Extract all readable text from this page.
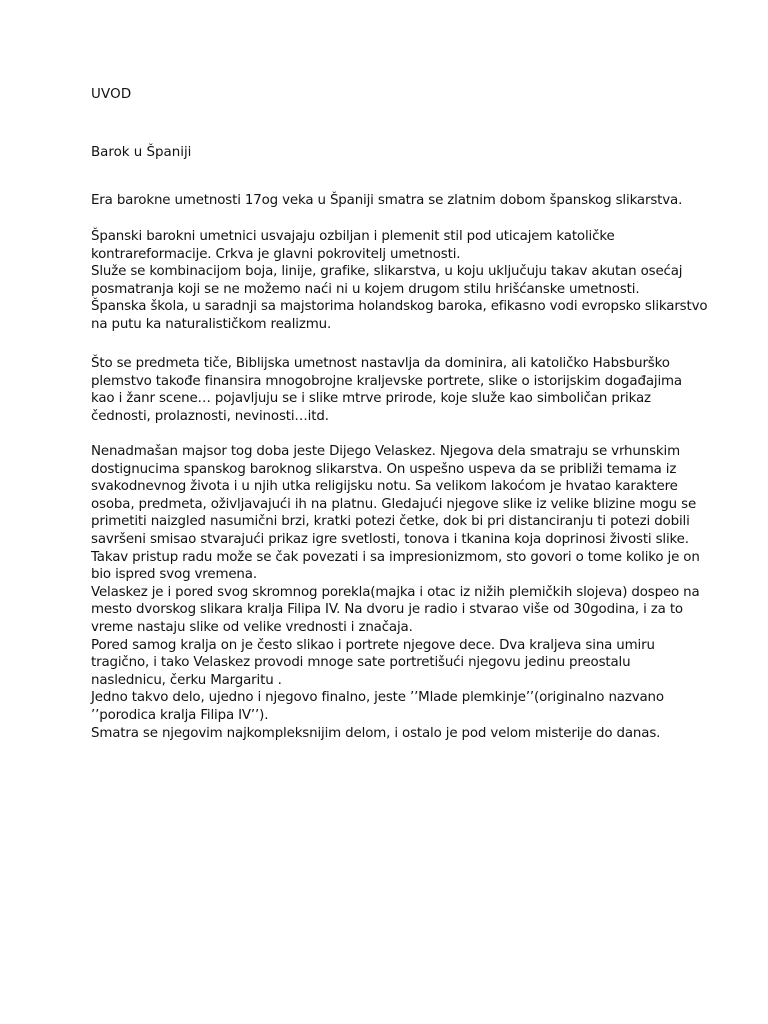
UVOD
Barok u Španiji
Era barokne umetnosti 17og veka u Španiji smatra se zlatnim dobom španskog slikarstva.
Španski barokni umetnici usvajaju ozbiljan i plemenit stil pod uticajem katoličke
kontrareformacije. Crkva je glavni pokrovitelj umetnosti.
Služe se kombinacijom boja, linije, grafike, slikarstva, u koju uključuju takav akutan osećaj
posmatranja koji se ne možemo naći ni u kojem drugom stilu hrišćanske umetnosti.
Španska škola, u saradnji sa majstorima holandskog baroka, efikasno vodi evropsko slikarstvo
na putu ka naturalističkom realizmu.
Što se predmeta tiče, Biblijska umetnost nastavlja da dominira, ali katoličko Habsburško
plemstvo takođe finansira mnogobrojne kraljevske portrete, slike o istorijskim događajima
kao i žanr scene… pojavljuju se i slike mtrve prirode, koje služe kao simboličan prikaz
čednosti, prolaznosti, nevinosti…itd.
Nenadmašan majsor tog doba jeste Dijego Velaskez. Njegova dela smatraju se vrhunskim
dostignucima spanskog baroknog slikarstva. On uspešno uspeva da se približi temama iz
svakodnevnog života i u njih utka religijsku notu. Sa velikom lakoćom je hvatao karaktere
osoba, predmeta, oživljavajući ih na platnu. Gledajući njegove slike iz velike blizine mogu se
primetiti naizgled nasumični brzi, kratki potezi četke, dok bi pri distanciranju ti potezi dobili
savršeni smisao stvarajući prikaz igre svetlosti, tonova i tkanina koja doprinosi živosti slike.
Takav pristup radu može se čak povezati i sa impresionizmom, sto govori o tome koliko je on
bio ispred svog vremena.
Velaskez je i pored svog skromnog porekla(majka i otac iz nižih plemičkih slojeva) dospeo na
mesto dvorskog slikara kralja Filipa IV. Na dvoru je radio i stvarao više od 30godina, i za to
vreme nastaju slike od velike vrednosti i značaja.
Pored samog kralja on je često slikao i portrete njegove dece. Dva kraljeva sina umiru
tragično, i tako Velaskez provodi mnoge sate portretišući njegovu jedinu preostalu
naslednicu, čerku Margaritu .
Jedno takvo delo, ujedno i njegovo finalno, jeste ’’Mlade plemkinje’’(originalno nazvano
’’porodica kralja Filipa IV’’).
Smatra se njegovim najkompleksnijim delom, i ostalo je pod velom misterije do danas.
